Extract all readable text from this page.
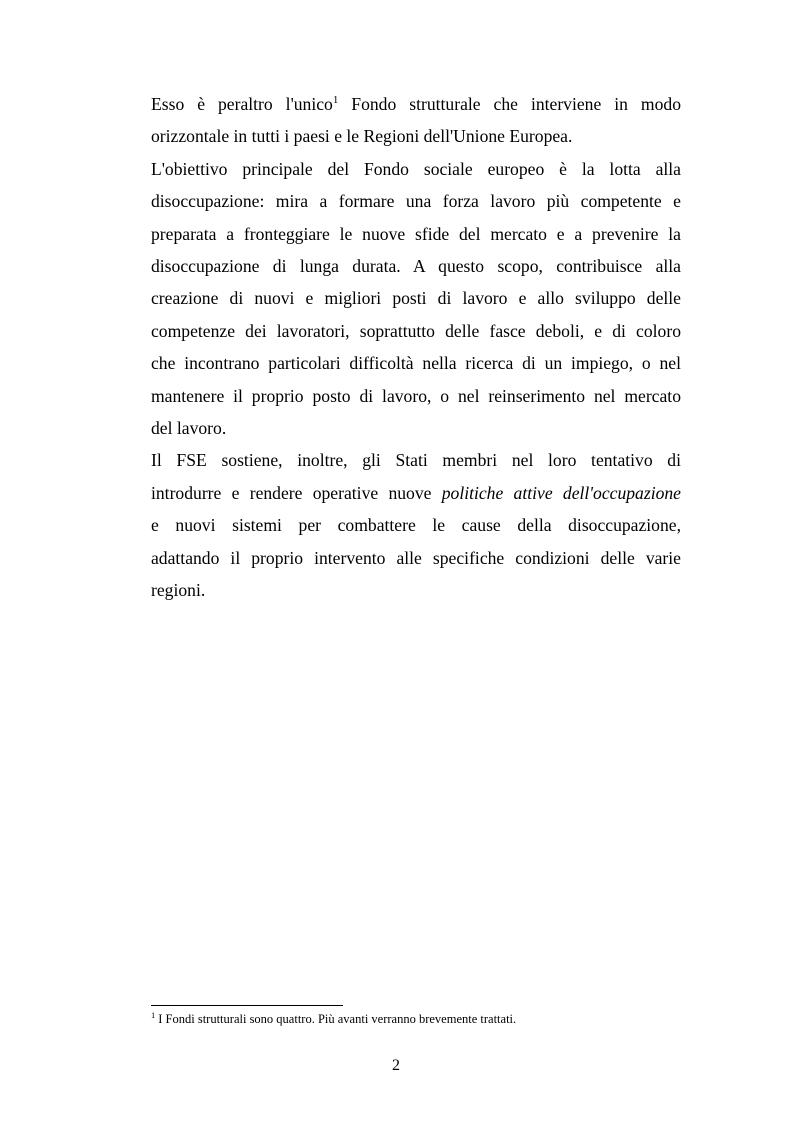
Esso è peraltro l'unico$^1$ Fondo strutturale che interviene in modo
orizzontale in tutti i paesi e le Regioni dell'Unione Europea.

L'obiettivo principale del Fondo sociale europeo è la lotta alla
disoccupazione: mira a formare una forza lavoro più competente e
preparata a fronteggiare le nuove sfide del mercato e a prevenire la
disoccupazione di lunga durata. A questo scopo, contribuisce alla
creazione di nuovi e migliori posti di lavoro e allo sviluppo delle
competenze dei lavoratori, soprattutto delle fasce deboli, e di coloro
che incontrano particolari difficoltà nella ricerca di un impiego, o nel
mantenere il proprio posto di lavoro, o nel reinserimento nel mercato
del lavoro.

Il FSE sostiene, inoltre, gli Stati membri nel loro tentativo di
introdurre e rendere operative nuove politiche attive dell'occupazione
e nuovi sistemi per combattere le cause della disoccupazione,
adattando il proprio intervento alle specifiche condizioni delle varie
regioni.

$^1$ I Fondi strutturali sono quattro. Più avanti verranno brevemente trattati.

2
